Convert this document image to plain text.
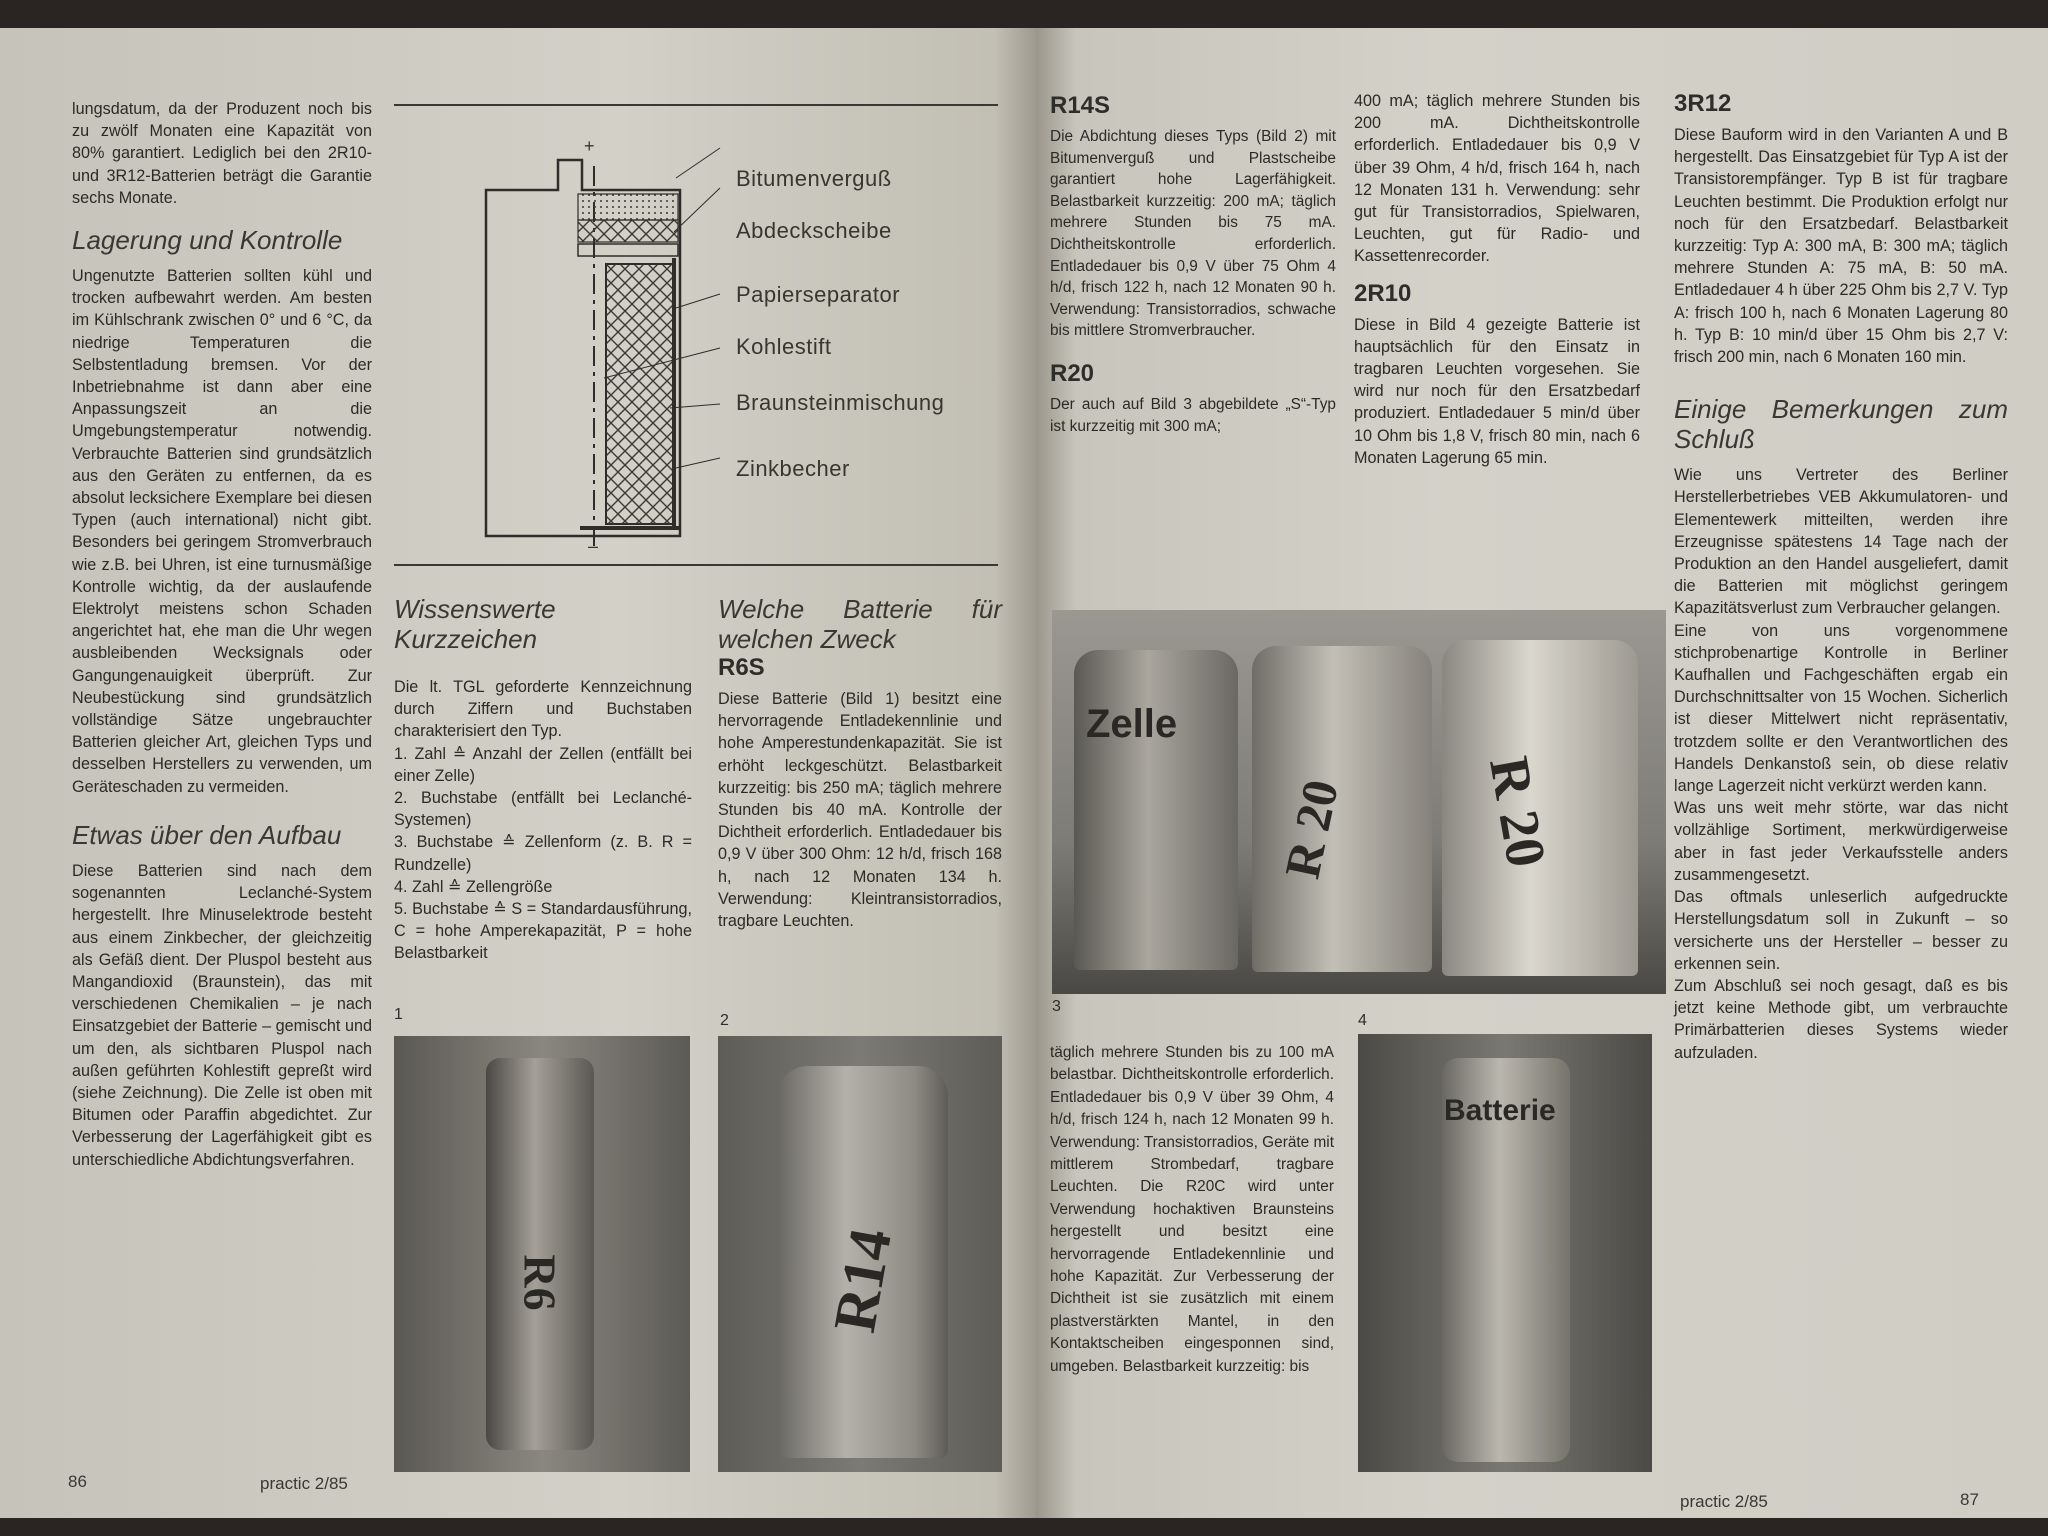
lungsdatum, da der Produzent noch bis zu zwölf Monaten eine Kapazität von 80% garantiert. Lediglich bei den 2R10- und 3R12-Batterien beträgt die Garantie sechs Monate.

Lagerung und Kontrolle

Ungenutzte Batterien sollten kühl und trocken aufbewahrt werden. Am besten im Kühlschrank zwischen 0° und 6 °C, da niedrige Temperaturen die Selbstentladung bremsen. Vor der Inbetriebnahme ist dann aber eine Anpassungszeit an die Umgebungstemperatur notwendig. Verbrauchte Batterien sind grundsätzlich aus den Geräten zu entfernen, da es absolut lecksichere Exemplare bei diesen Typen (auch international) nicht gibt. Besonders bei geringem Stromverbrauch wie z.B. bei Uhren, ist eine turnusmäßige Kontrolle wichtig, da der auslaufende Elektrolyt meistens schon Schaden angerichtet hat, ehe man die Uhr wegen ausbleibenden Wecksignals oder Gangungenauigkeit überprüft. Zur Neubestückung sind grundsätzlich vollständige Sätze ungebrauchter Batterien gleicher Art, gleichen Typs und desselben Herstellers zu verwenden, um Geräteschaden zu vermeiden.

Etwas über den Aufbau

Diese Batterien sind nach dem sogenannten Leclanché-System hergestellt. Ihre Minuselektrode besteht aus einem Zinkbecher, der gleichzeitig als Gefäß dient. Der Pluspol besteht aus Mangandioxid (Braunstein), das mit verschiedenen Chemikalien – je nach Einsatzgebiet der Batterie – gemischt und um den, als sichtbaren Pluspol nach außen geführten Kohlestift gepreßt wird (siehe Zeichnung). Die Zelle ist oben mit Bitumen oder Paraffin abgedichtet. Zur Verbesserung der Lagerfähigkeit gibt es unterschiedliche Abdichtungsverfahren.

+
–
Bitumenverguß
Abdeckscheibe
Papierseparator
Kohlestift
Braunsteinmischung
Zinkbecher
Wissenswerte Kurzzeichen

Die lt. TGL geforderte Kennzeichnung durch Ziffern und Buchstaben charakterisiert den Typ.

1. Zahl ≙ Anzahl der Zellen (entfällt bei einer Zelle)

2. Buchstabe (entfällt bei Leclanché-Systemen)

3. Buchstabe ≙ Zellenform (z. B. R = Rundzelle)

4. Zahl ≙ Zellengröße

5. Buchstabe ≙ S = Standardausführung, C = hohe Amperekapazität, P = hohe Belastbarkeit

Welche Batterie für welchen Zweck
R6S

Diese Batterie (Bild 1) besitzt eine hervorragende Entladekennlinie und hohe Amperestundenkapazität. Sie ist erhöht leckgeschützt. Belastbarkeit kurzzeitig: bis 250 mA; täglich mehrere Stunden bis 40 mA. Kontrolle der Dichtheit erforderlich. Entladedauer bis 0,9 V über 300 Ohm: 12 h/d, frisch 168 h, nach 12 Monaten 134 h. Verwendung: Kleintransistorradios, tragbare Leuchten.

1	2
R6	R14
86	practic 2/85
R14S

Die Abdichtung dieses Typs (Bild 2) mit Bitumenverguß und Plastscheibe garantiert hohe Lagerfähigkeit. Belastbarkeit kurzzeitig: 200 mA; täglich mehrere Stunden bis 75 mA. Dichtheitskontrolle erforderlich. Entladedauer bis 0,9 V über 75 Ohm 4 h/d, frisch 122 h, nach 12 Monaten 90 h. Verwendung: Transistorradios, schwache bis mittlere Stromverbraucher.

R20

Der auch auf Bild 3 abgebildete „S“-Typ ist kurzzeitig mit 300 mA;

400 mA; täglich mehrere Stunden bis 200 mA. Dichtheitskontrolle erforderlich. Entladedauer bis 0,9 V über 39 Ohm, 4 h/d, frisch 164 h, nach 12 Monaten 131 h. Verwendung: sehr gut für Transistorradios, Spielwaren, Leuchten, gut für Radio- und Kassettenrecorder.

2R10

Diese in Bild 4 gezeigte Batterie ist hauptsächlich für den Einsatz in tragbaren Leuchten vorgesehen. Sie wird nur noch für den Ersatzbedarf produziert. Entladedauer 5 min/d über 10 Ohm bis 1,8 V, frisch 80 min, nach 6 Monaten Lagerung 65 min.

3R12

Diese Bauform wird in den Varianten A und B hergestellt. Das Einsatzgebiet für Typ A ist der Transistorempfänger. Typ B ist für tragbare Leuchten bestimmt. Die Produktion erfolgt nur noch für den Ersatzbedarf. Belastbarkeit kurzzeitig: Typ A: 300 mA, B: 300 mA; täglich mehrere Stunden A: 75 mA, B: 50 mA. Entladedauer 4 h über 225 Ohm bis 2,7 V. Typ A: frisch 100 h, nach 6 Monaten Lagerung 80 h. Typ B: 10 min/d über 15 Ohm bis 2,7 V: frisch 200 min, nach 6 Monaten 160 min.

Einige Bemerkungen zum Schluß

Wie uns Vertreter des Berliner Herstellerbetriebes VEB Akkumulatoren- und Elementewerk mitteilten, werden ihre Erzeugnisse spätestens 14 Tage nach der Produktion an den Handel ausgeliefert, damit die Batterien mit möglichst geringem Kapazitätsverlust zum Verbraucher gelangen.

Eine von uns vorgenommene stichprobenartige Kontrolle in Berliner Kaufhallen und Fachgeschäften ergab ein Durchschnittsalter von 15 Wochen. Sicherlich ist dieser Mittelwert nicht repräsentativ, trotzdem sollte er den Verantwortlichen des Handels Denkanstoß sein, ob diese relativ lange Lagerzeit nicht verkürzt werden kann.

Was uns weit mehr störte, war das nicht vollzählige Sortiment, merkwürdigerweise aber in fast jeder Verkaufsstelle anders zusammengesetzt.

Das oftmals unleserlich aufgedruckte Herstellungsdatum soll in Zukunft – so versicherte uns der Hersteller – besser zu erkennen sein.

Zum Abschluß sei noch gesagt, daß es bis jetzt keine Methode gibt, um verbrauchte Primärbatterien dieses Systems wieder aufzuladen.

Zelle
R 20 R 20
3
4

täglich mehrere Stunden bis zu 100 mA belastbar. Dichtheitskontrolle erforderlich. Entladedauer bis 0,9 V über 39 Ohm, 4 h/d, frisch 124 h, nach 12 Monaten 99 h. Verwendung: Transistorradios, Geräte mit mittlerem Strombedarf, tragbare Leuchten. Die R20C wird unter Verwendung hochaktiven Braunsteins hergestellt und besitzt eine hervorragende Entladekennlinie und hohe Kapazität. Zur Verbesserung der Dichtheit ist sie zusätzlich mit einem plastverstärkten Mantel, in den Kontaktscheiben eingesponnen sind, umgeben. Belastbarkeit kurzzeitig: bis

Batterie
practic 2/85	87
